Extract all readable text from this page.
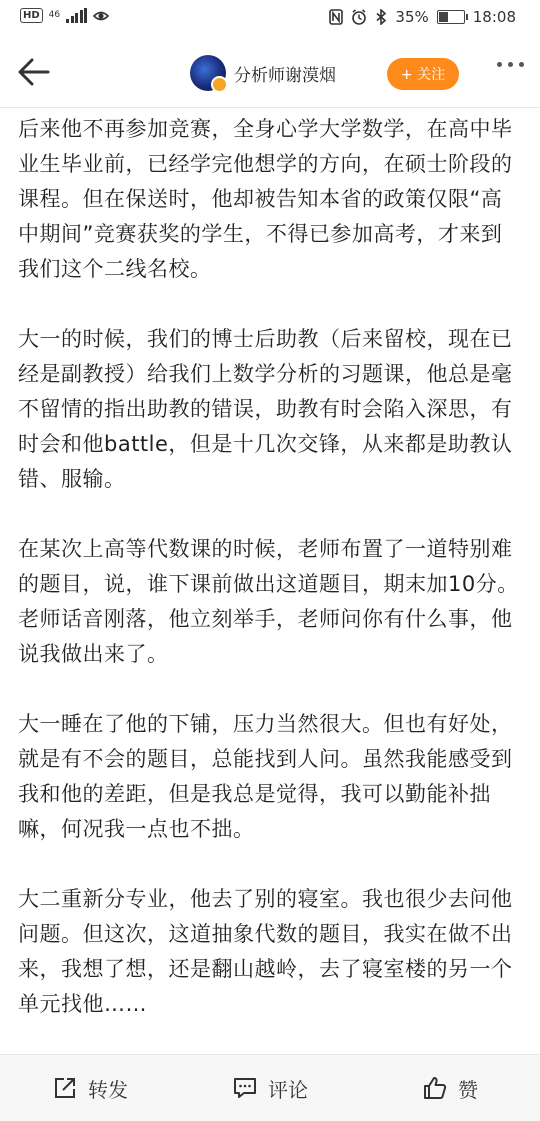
HD	46	35%	18:08
分析师谢漠烟	+ 关注

后来他不再参加竞赛，全身心学大学数学，在高中毕业生毕业前，已经学完他想学的方向，在硕士阶段的课程。但在保送时，他却被告知本省的政策仅限“高中期间”竞赛获奖的学生，不得已参加高考，才来到我们这个二线名校。

大一的时候，我们的博士后助教（后来留校，现在已经是副教授）给我们上数学分析的习题课，他总是毫不留情的指出助教的错误，助教有时会陷入深思，有时会和他battle，但是十几次交锋，从来都是助教认错、服输。

在某次上高等代数课的时候，老师布置了一道特别难的题目，说，谁下课前做出这道题目，期末加10分。老师话音刚落，他立刻举手，老师问你有什么事，他说我做出来了。

大一睡在了他的下铺，压力当然很大。但也有好处，就是有不会的题目，总能找到人问。虽然我能感受到我和他的差距，但是我总是觉得，我可以勤能补拙嘛，何况我一点也不拙。

大二重新分专业，他去了别的寝室。我也很少去问他问题。但这次，这道抽象代数的题目，我实在做不出来，我想了想，还是翻山越岭，去了寝室楼的另一个单元找他……

转发	评论	赞
